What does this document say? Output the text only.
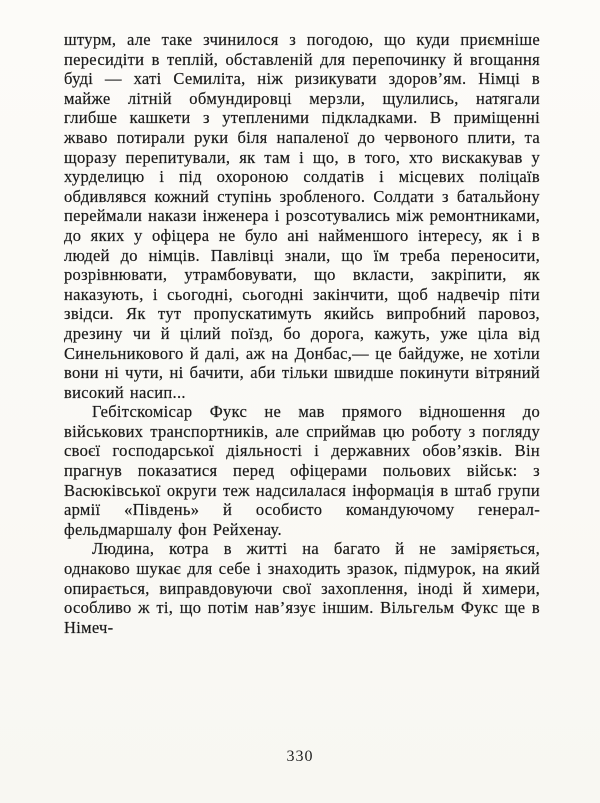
штурм, але таке зчинилося з погодою, що куди приємніше пересидіти в теплій, обставленій для перепочинку й вгощання буді — хаті Семиліта, ніж ризикувати здоров’ям. Німці в майже літній обмундировці мерзли, щулились, натягали глибше кашкети з утепленими підкладками. В приміщенні жваво потирали руки біля напаленої до червоного плити, та щоразу перепитували, як там і що, в того, хто вискакував у хурделицю і під охороною солдатів і місцевих поліцаїв обдивлявся кожний ступінь зробленого. Солдати з батальйону переймали накази інженера і розсотувались між ремонтниками, до яких у офіцера не було ані найменшого інтересу, як і в людей до німців. Павлівці знали, що їм треба переносити, розрівнювати, утрамбовувати, що вкласти, закріпити, як наказують, і сьогодні, сьогодні закінчити, щоб надвечір піти звідси. Як тут пропускатимуть якийсь випробний паровоз, дрезину чи й цілий поїзд, бо дорога, кажуть, уже ціла від Синельникового й далі, аж на Донбас,— це байдуже, не хотіли вони ні чути, ні бачити, аби тільки швидше покинути вітряний високий насип...

Гебітскомісар Фукс не мав прямого відношення до військових транспортників, але сприймав цю роботу з погляду своєї господарської діяльності і державних обов’язків. Він прагнув показатися перед офіцерами польових військ: з Васюківської округи теж надсилалася інформація в штаб групи армії «Південь» й особисто командуючому генерал-фельдмаршалу фон Рейхенау.

Людина, котра в житті на багато й не заміряється, однаково шукає для себе і знаходить зразок, підмурок, на який опирається, виправдовуючи свої захоплення, іноді й химери, особливо ж ті, що потім нав’язує іншим. Вільгельм Фукс ще в Німеч-

330
